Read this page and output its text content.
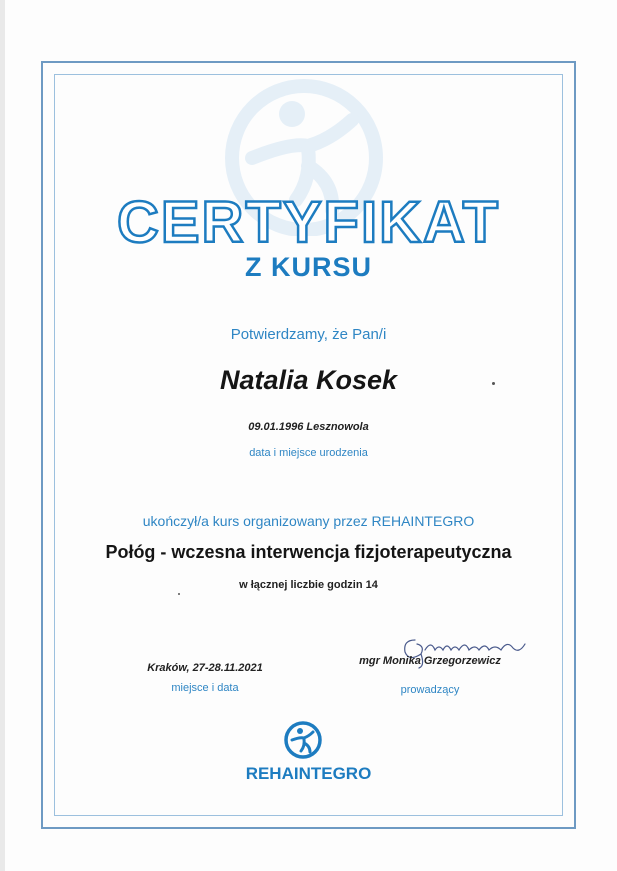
CERTYFIKAT
Z KURSU
Potwierdzamy, że Pan/i
Natalia Kosek
09.01.1996 Lesznowola
data i miejsce urodzenia
ukończył/a kurs organizowany przez REHAINTEGRO
Połóg - wczesna interwencja fizjoterapeutyczna
w łącznej liczbie godzin 14
Kraków, 27-28.11.2021
miejsce i data
mgr Monika Grzegorzewicz
prowadzący
REHAINTEGRO
